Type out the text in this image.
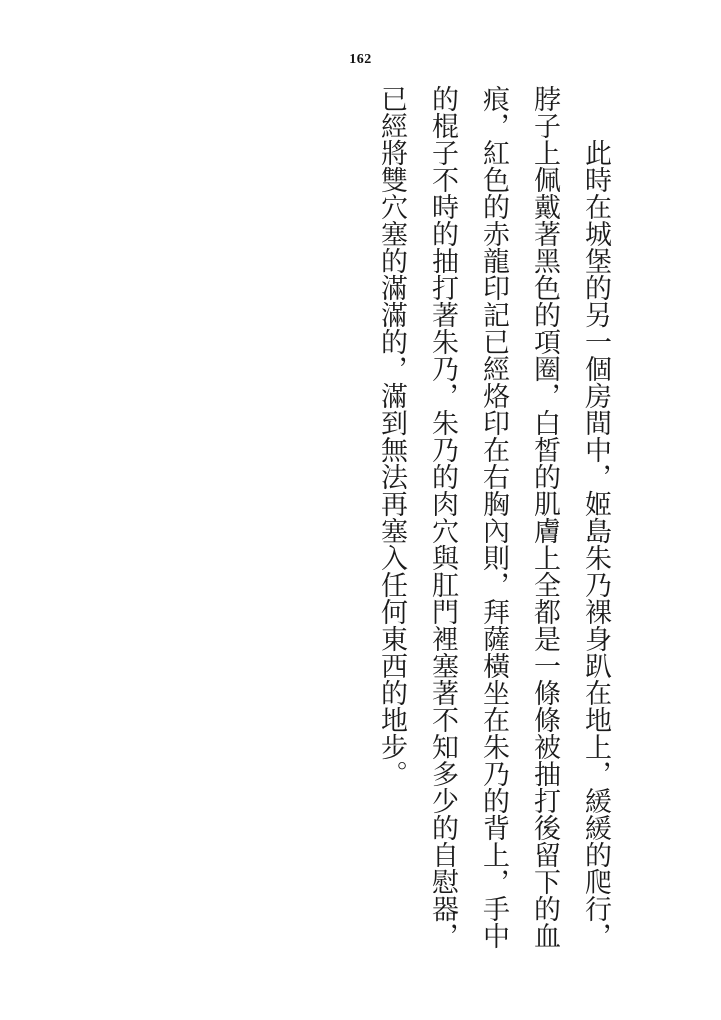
162
此時在城堡的另一個房間中，姬島朱乃裸身趴在地上，緩緩的爬行，脖子上佩戴著黑色的項圈，白皙的肌膚上全都是一條條被抽打後留下的血痕，紅色的赤龍印記已經烙印在右胸內則，拜薩橫坐在朱乃的背上，手中的棍子不時的抽打著朱乃，朱乃的肉穴與肛門裡塞著不知多少的自慰器，已經將雙穴塞的滿滿的，滿到無法再塞入任何東西的地步。
